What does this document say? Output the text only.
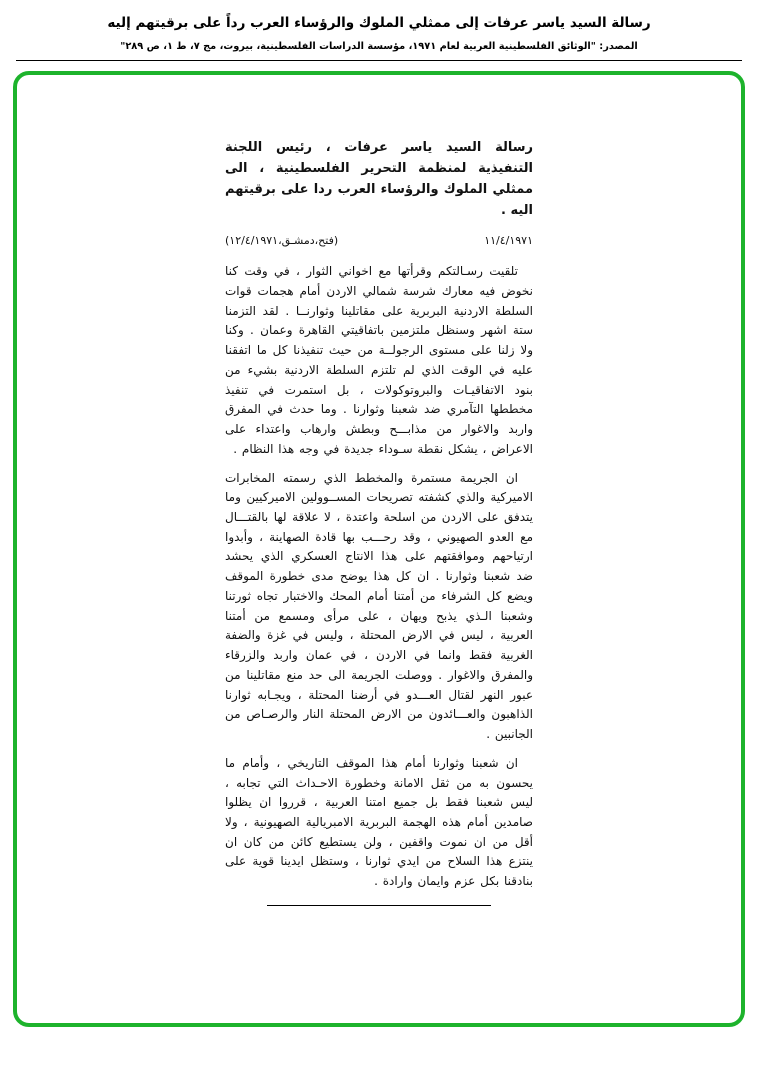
رسالة السيد ياسر عرفات إلى ممثلي الملوك والرؤساء العرب رداً على برقيتهم إليه
المصدر: "الوثائق الفلسطينية العربية لعام ١٩٧١، مؤسسة الدراسات الفلسطينية، بيروت، مج ٧، ط ١، ص ٢٨٩"

رسالة السيد ياسر عرفات ، رئيس اللجنة التنفيذية لمنظمة التحرير الفلسطينية ، الى ممثلي الملوك والرؤساء العرب ردا على برقيتهم اليه .

١١/٤/١٩٧١
(فتح،دمشـق،١٢/٤/١٩٧١)

تلقيت رسـالتكم وقرأتها مع اخواني الثوار ، في وقت كنا نخوض فيه معارك شرسة شمالي الاردن أمام هجمات قوات السلطة الاردنية البربرية على مقاتلينا وثوارنــا . لقد التزمنا ستة اشهر وسنظل ملتزمين باتفاقيتي القاهرة وعمان . وكنا ولا زلنا على مستوى الرجولــة من حيث تنفيذنا كل ما اتفقنا عليه في الوقت الذي لم تلتزم السلطة الاردنية بشيء من بنود الاتفاقيـات والبروتوكولات ، بل استمرت في تنفيذ مخططها التآمري ضد شعبنا وثوارنا . وما حدث في المفرق واربد والاغوار من مذابـــح وبطش وارهاب واعتداء على الاعراض ، يشكل نقطة سـوداء جديدة في وجه هذا النظام .

ان الجريمة مستمرة والمخطط الذي رسمته المخابرات الاميركية والذي كشفته تصريحات المســوولين الاميركيين وما يتدفق على الاردن من اسلحة واعتدة ، لا علاقة لها بالقتـــال مع العدو الصهيوني ، وقد رحـــب بها قادة الصهاينة ، وأبدوا ارتياحهم وموافقتهم على هذا الانتاج العسكري الذي يحشد ضد شعبنا وثوارنا . ان كل هذا يوضح مدى خطورة الموقف ويضع كل الشرفاء من أمتنا أمام المحك والاختبار تجاه ثورتنا وشعبنا الـذي يذبح ويهان ، على مرأى ومسمع من أمتنا العربية ، ليس في الارض المحتلة ، وليس في غزة والضفة الغربية فقط وانما في الاردن ، في عمان واربد والزرقاء والمفرق والاغوار . ووصلت الجريمة الى حد منع مقاتلينا من عبور النهر لقتال العـــدو في أرضنا المحتلة ، ويجـابه ثوارنا الذاهبون والعـــائدون من الارض المحتلة النار والرصـاص من الجانبين .

ان شعبنا وثوارنا أمام هذا الموقف التاريخي ، وأمام ما يحسون به من ثقل الامانة وخطورة الاحـداث التي تجابه ، ليس شعبنا فقط بل جميع امتنا العربية ، قرروا ان يظلوا صامدين أمام هذه الهجمة البربرية الامبريالية الصهيونية ، ولا أقل من ان نموت واقفين ، ولن يستطيع كائن من كان ان ينتزع هذا السلاح من ايدي ثوارنا ، وستظل ايدينا قوية على بنادقنا بكل عزم وايمان وارادة .
